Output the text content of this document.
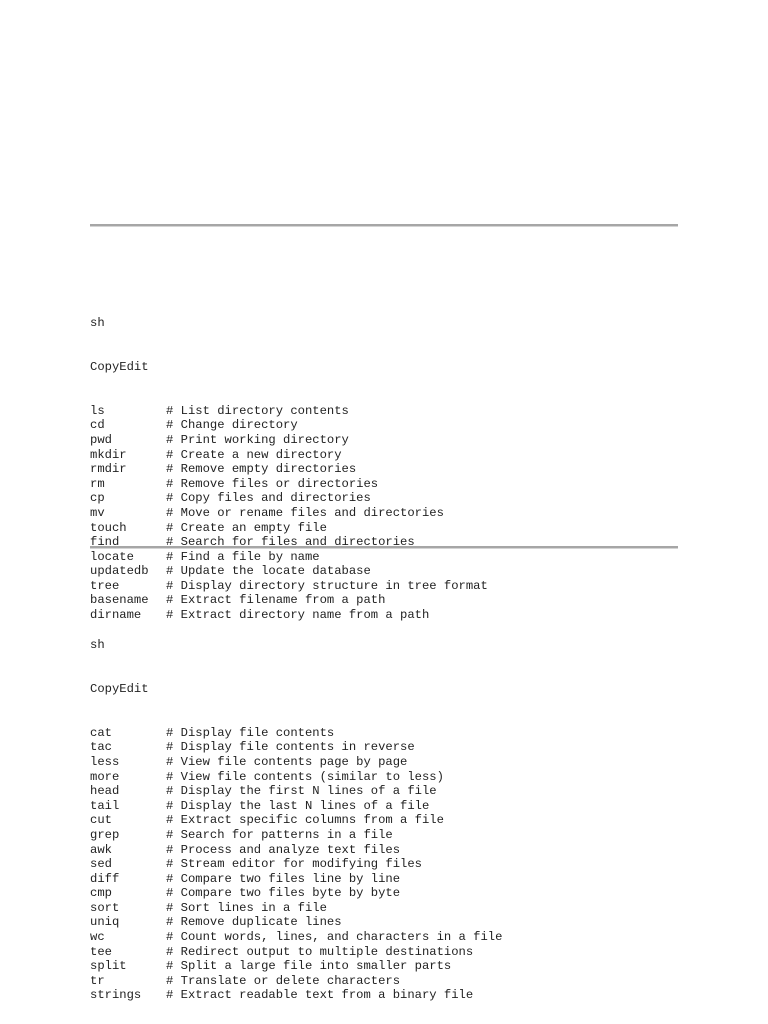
sh

CopyEdit

ls	# List directory contents
cd	# Change directory
pwd	# Print working directory
mkdir	# Create a new directory
rmdir	# Remove empty directories
rm	# Remove files or directories
cp	# Copy files and directories
mv	# Move or rename files and directories
touch	# Create an empty file
find	# Search for files and directories
locate	# Find a file by name
updatedb # Update the locate database
tree	# Display directory structure in tree format
basename # Extract filename from a path
dirname # Extract directory name from a path

sh

CopyEdit

cat	# Display file contents
tac	# Display file contents in reverse
less	# View file contents page by page
more	# View file contents (similar to less)
head	# Display the first N lines of a file
tail	# Display the last N lines of a file
cut	# Extract specific columns from a file
grep	# Search for patterns in a file
awk	# Process and analyze text files
sed	# Stream editor for modifying files
diff	# Compare two files line by line
cmp	# Compare two files byte by byte
sort	# Sort lines in a file
uniq	# Remove duplicate lines
wc	# Count words, lines, and characters in a file
tee	# Redirect output to multiple destinations
split	# Split a large file into smaller parts
tr	# Translate or delete characters
strings # Extract readable text from a binary file
